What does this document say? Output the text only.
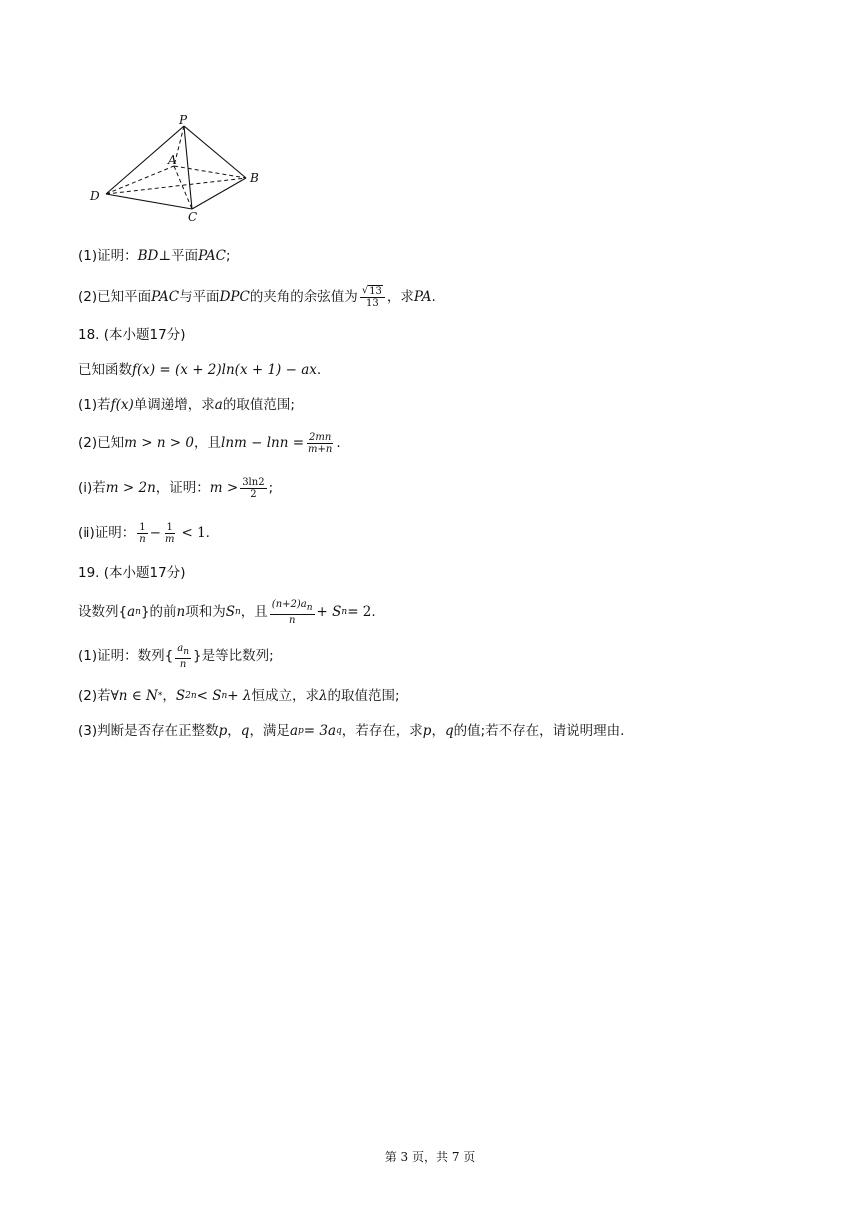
P
A
B
C
D
(1)证明： BD ⊥ 平面 PAC ;
(2)已知平面 PAC 与平面 DPC 的夹角的余弦值为 $\frac{√ 13}{13}$ ，求 PA .
18. (本小题17分)
已知函数 f(x) = (x + 2)ln(x + 1) − ax .
(1)若 f(x) 单调递增，求 a 的取值范围;
(2)已知 m > n > 0 ，且 $\ln m - \ln n = \frac{2mn}{m+n}$ .
(ⅰ)若 m > 2n ，证明： $m > \frac{3\ln 2}{2}$ ;
(ⅱ)证明： $\frac{1}{n} - \frac{1}{m} < 1$ .
19. (本小题17分)
设数列{ a n }的前 n 项和为 S n ，且 $\frac{(n+2)a_n}{n} + S$ n = 2 .
(1)证明：数列{ $\frac{a_n}{n}$ }是等比数列;
(2)若 ∀n ∈ N * ， S 2n < S n + λ 恒成立，求 λ 的取值范围;
(3)判断是否存在正整数 p ， q ，满足 a p = 3a q ，若存在，求 p ， q 的值;若不存在，请说明理由.
第 3 页，共 7 页
